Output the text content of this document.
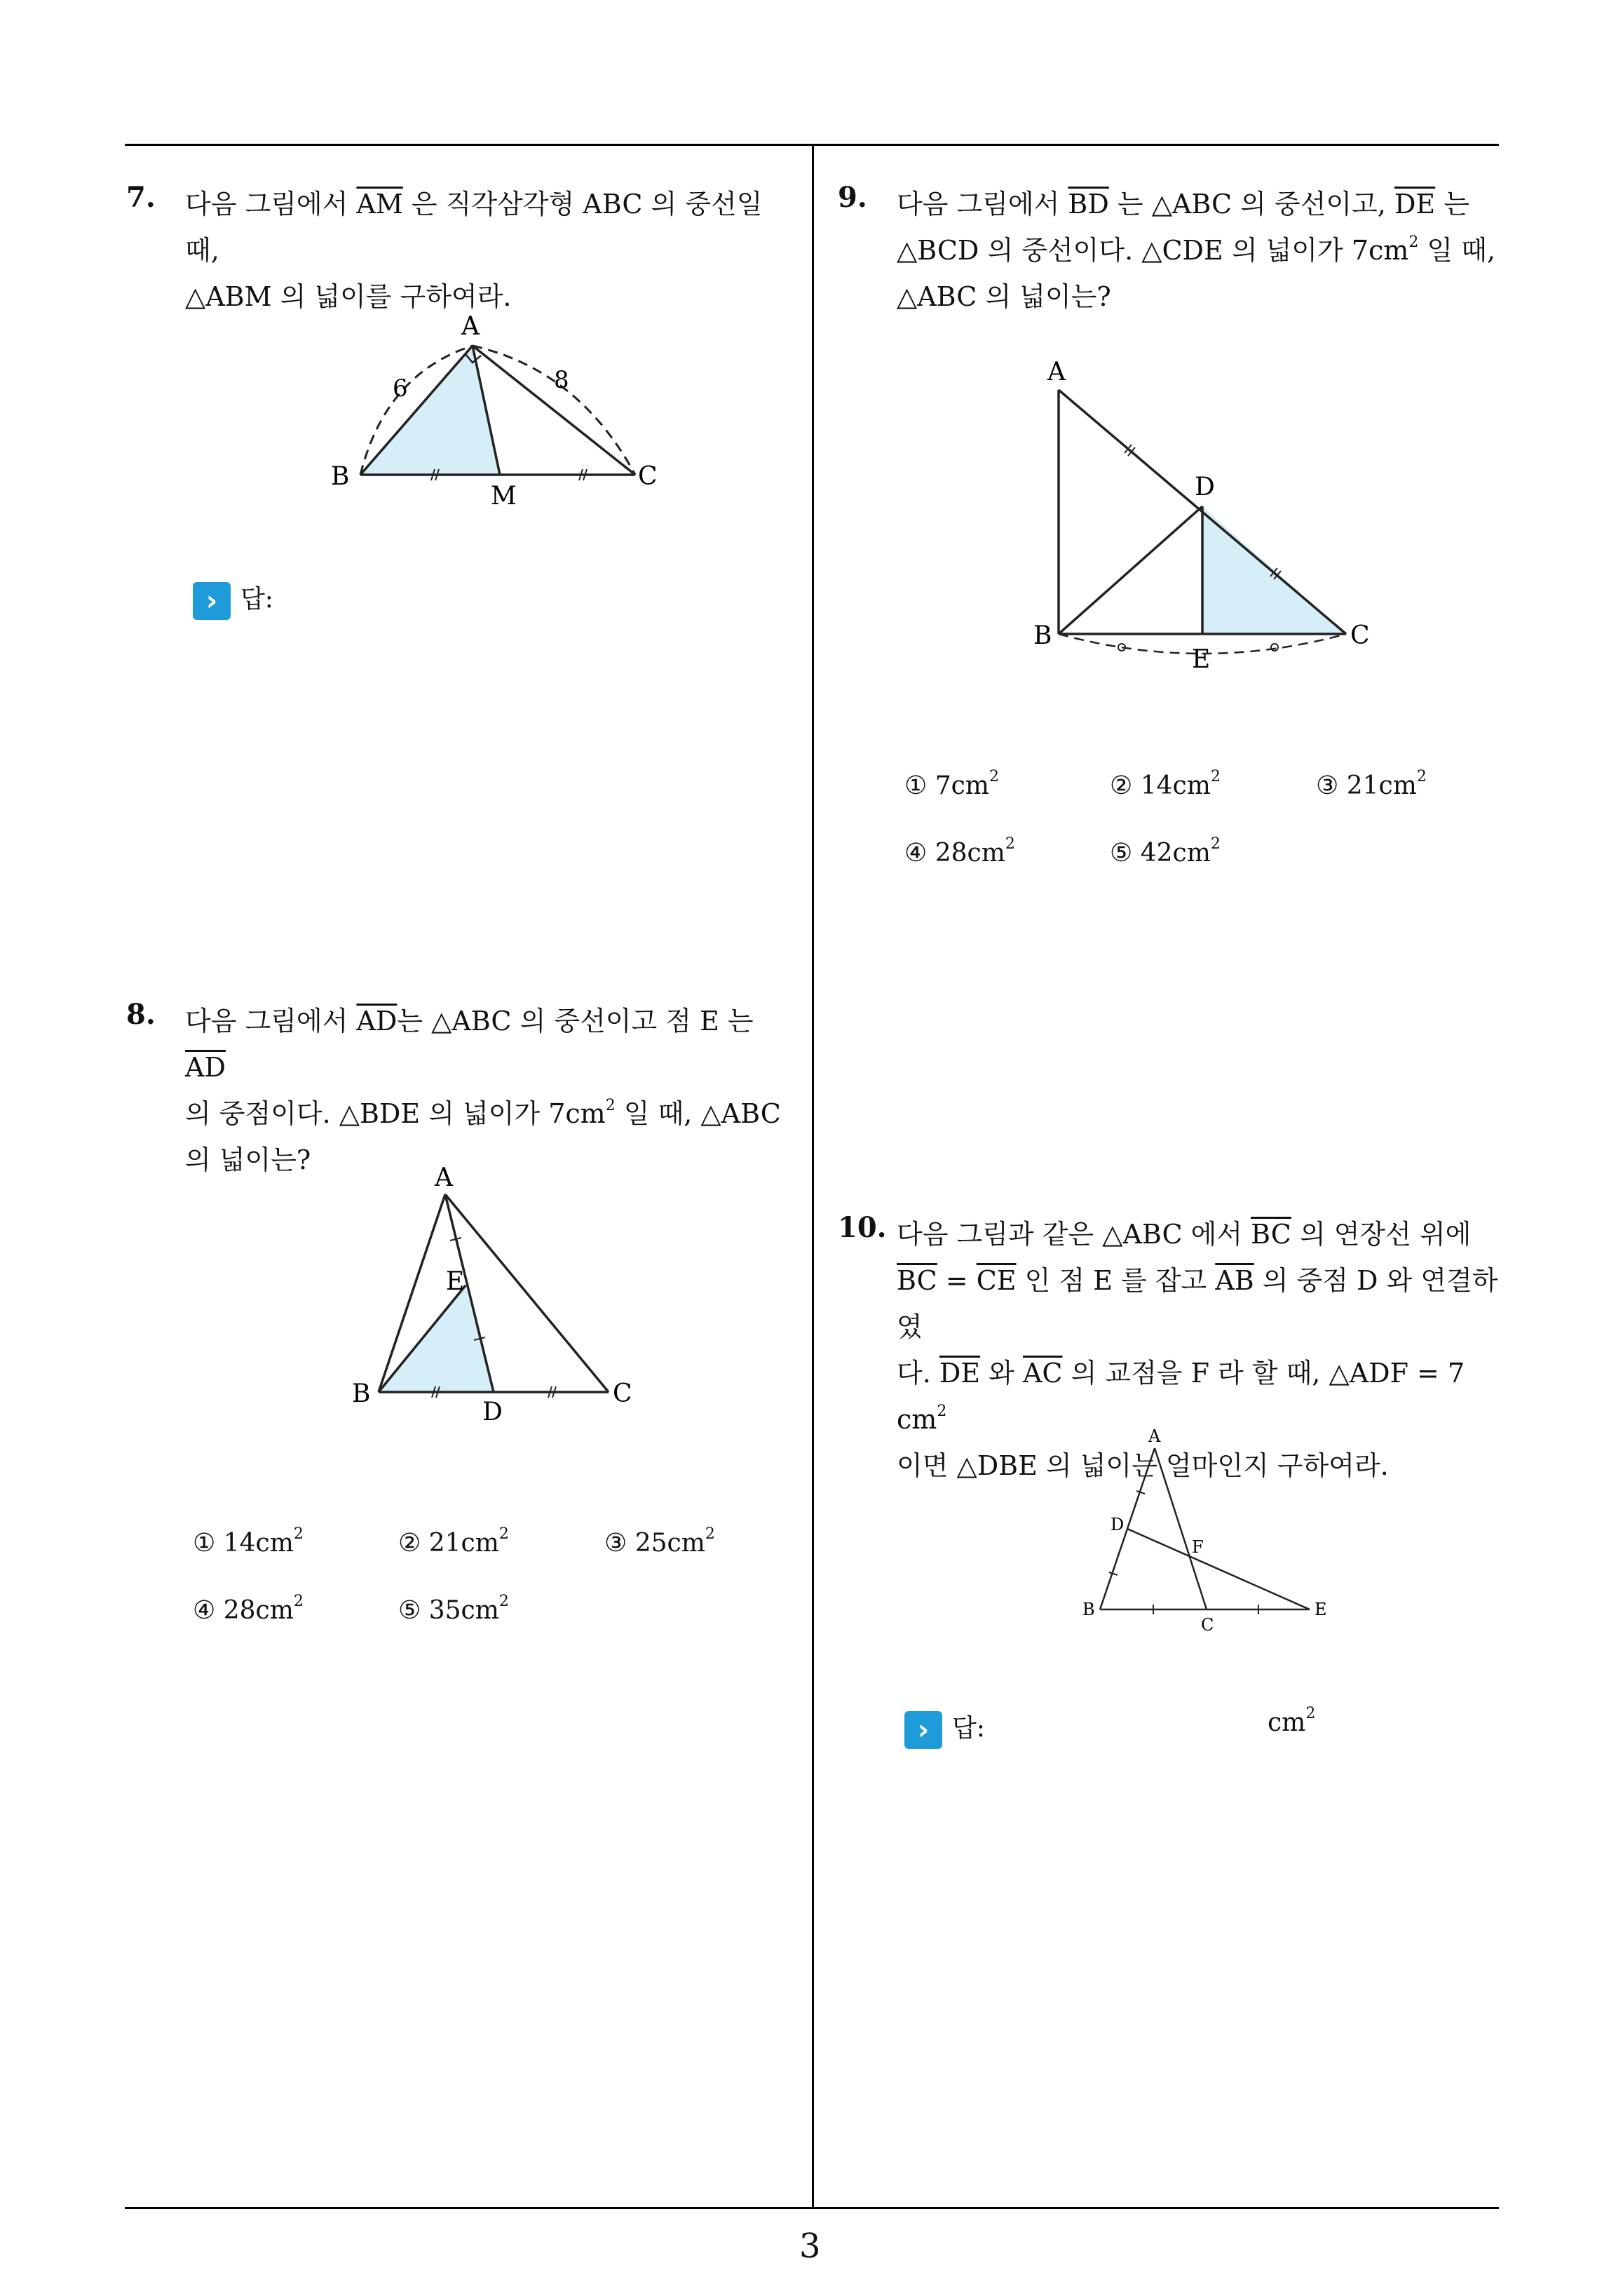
7. 다음 그림에서 $\overline{AM}$ 은 직각삼각형 ABC 의 중선일 때,
△ABM 의 넓이를 구하여라.
A
B	C
M
6	8
› 답:
8. 다음 그림에서 $\overline{AD}$는 △ABC 의 중선이고 점 E 는 $\overline{AD}$
의 중점이다. △BDE 의 넓이가 $7cm^2$ 일 때, △ABC
의 넓이는?
A
B	C
D
E
① $14cm^2$	② $21cm^2$	③ $25cm^2$
④ $28cm^2$	⑤ $35cm^2$
9. 다음 그림에서 $\overline{BD}$ 는 △ABC 의 중선이고, $\overline{DE}$ 는
△BCD 의 중선이다. △CDE 의 넓이가 $7cm^2$ 일 때,
△ABC 의 넓이는?
A
B	C
D
E
① $7cm^2$	② $14cm^2$	③ $21cm^2$
④ $28cm^2$	⑤ $42cm^2$
10. 다음 그림과 같은 △ABC 에서 $\overline{BC}$ 의 연장선 위에
$\overline{BC} = \overline{CE}$ 인 점 E 를 잡고 $\overline{AB}$ 의 중점 D 와 연결하였
다. $\overline{DE}$ 와 $\overline{AC}$ 의 교점을 F 라 할 때, △ADF = 7 $cm^2$
이면 △DBE 의 넓이는 얼마인지 구하여라.
A
B
C
D
E
F
› 답:	$cm^2$
3
